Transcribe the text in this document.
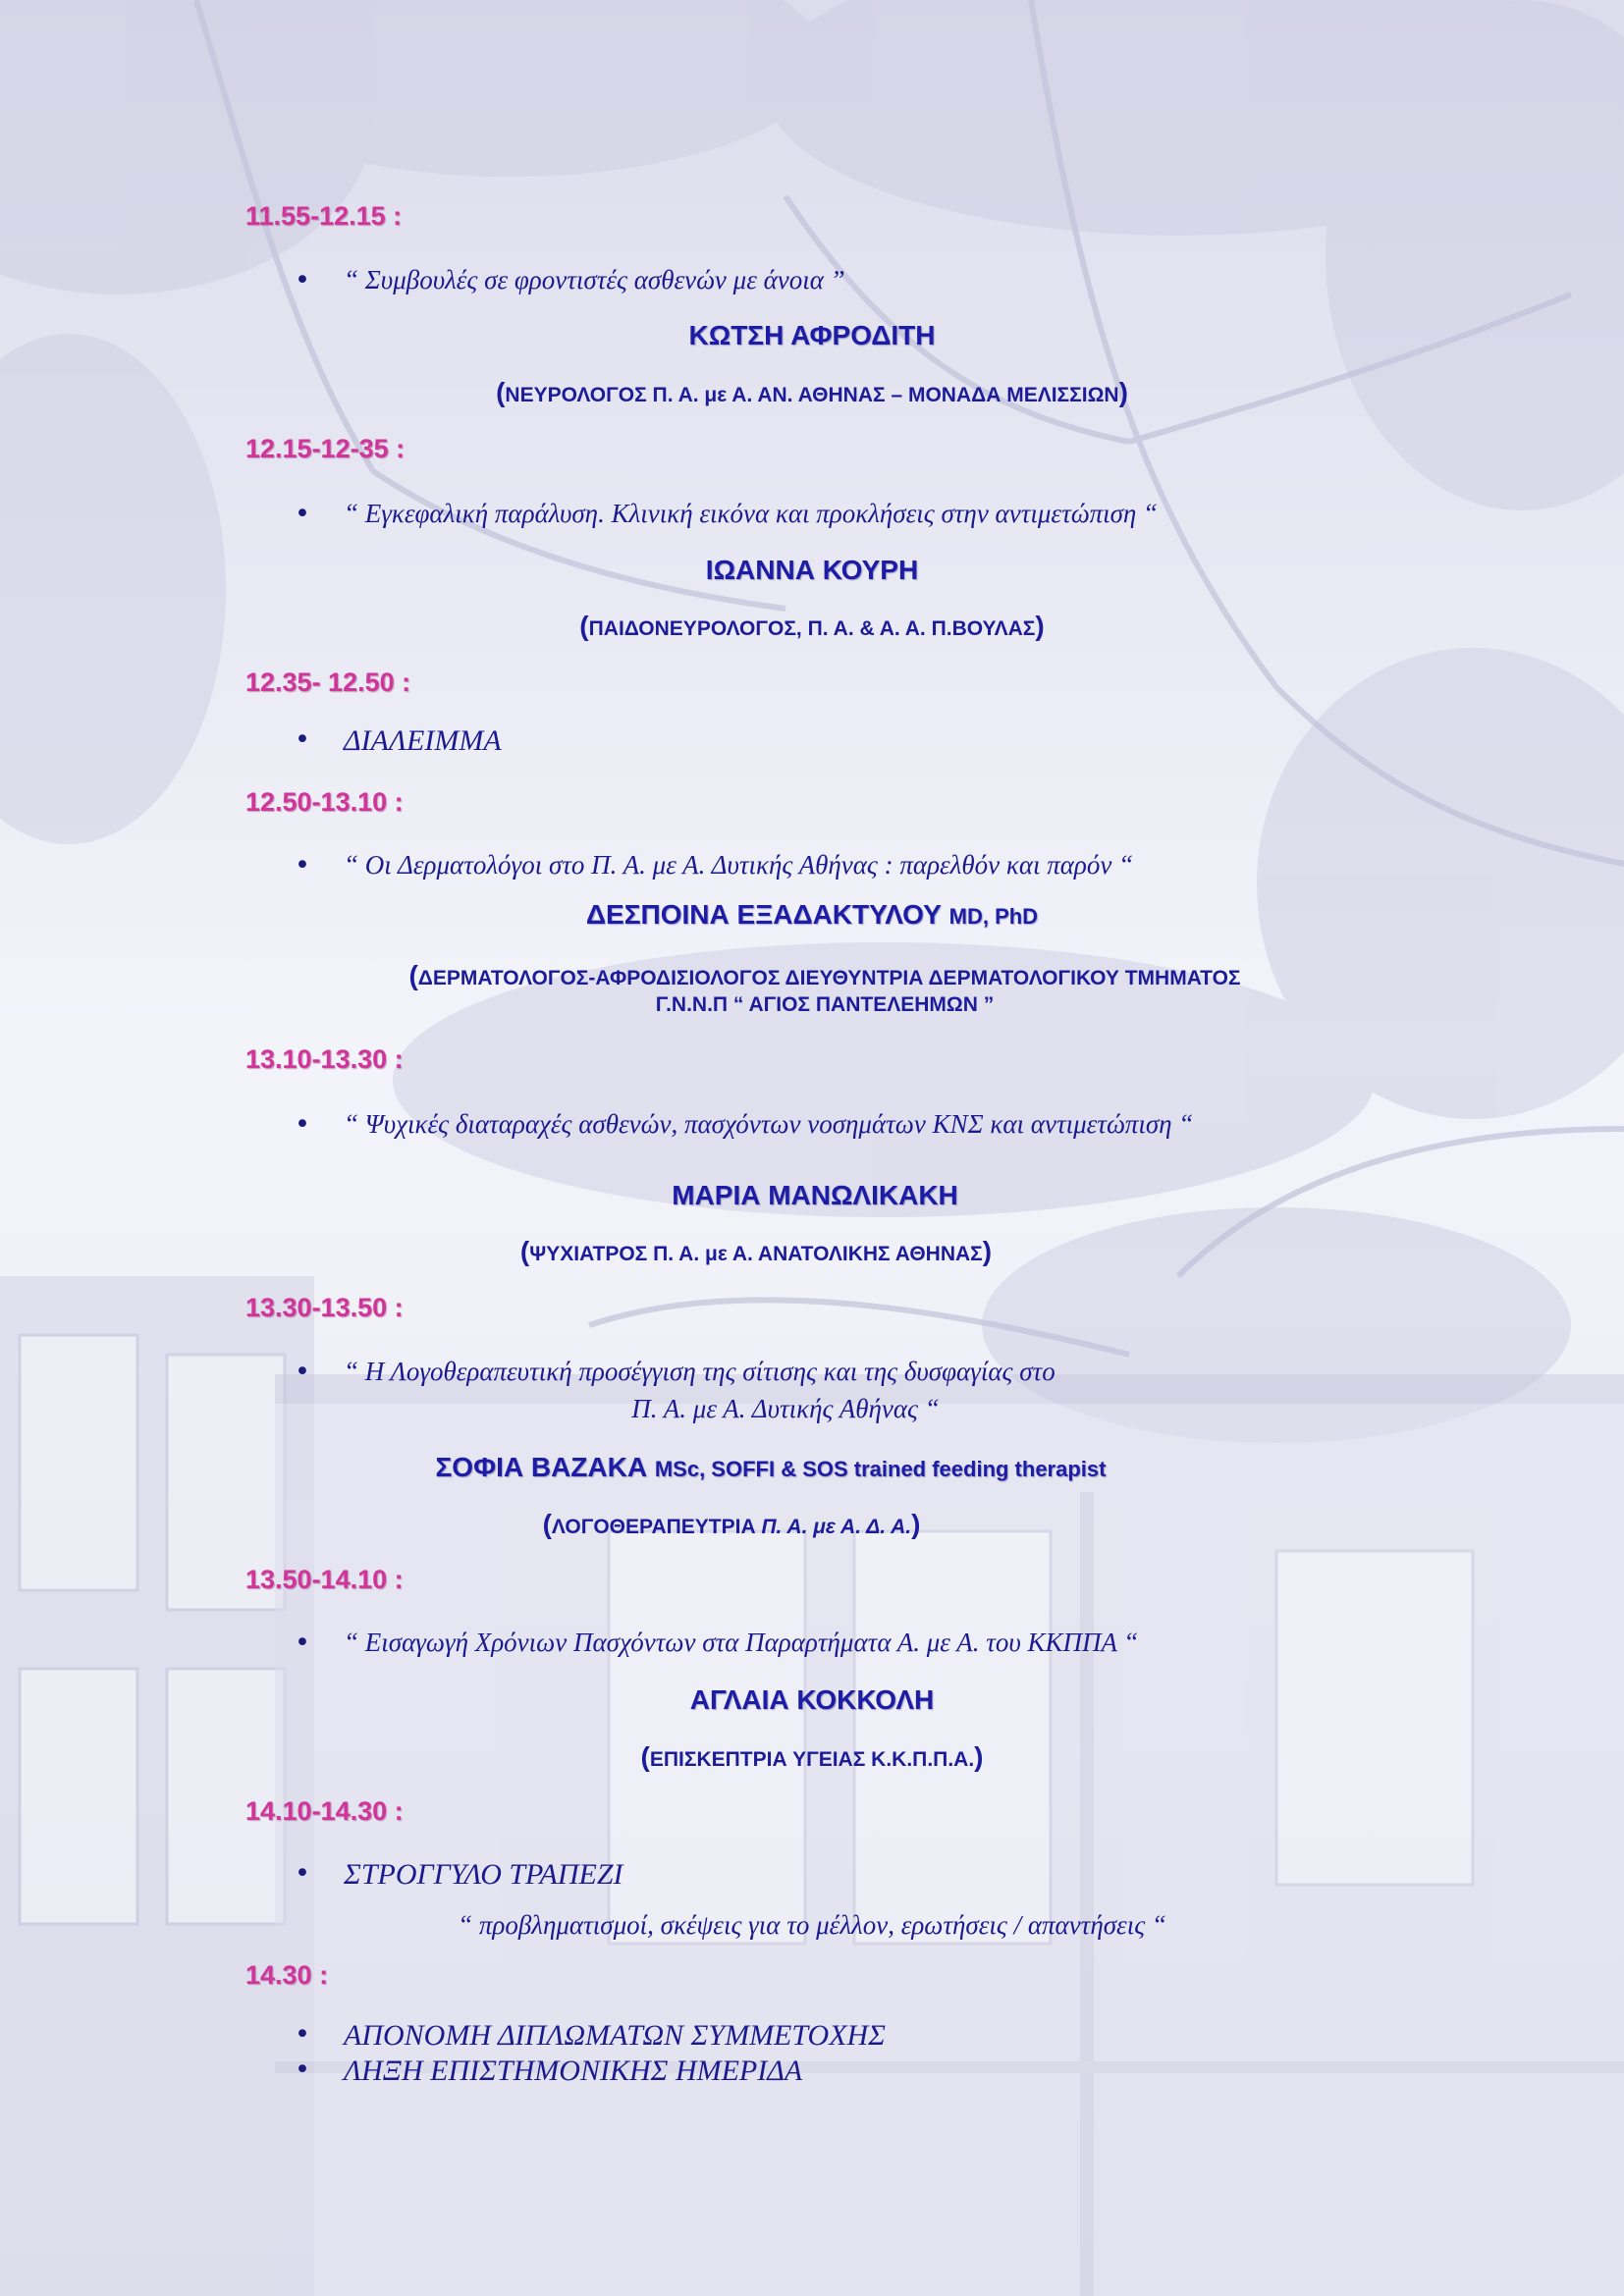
11.55-12.15 :
• “ Συμβουλές σε φροντιστές ασθενών με άνοια ”
ΚΩΤΣΗ ΑΦΡΟΔΙΤΗ
(ΝΕΥΡΟΛΟΓΟΣ Π. Α. με Α. ΑΝ. ΑΘΗΝΑΣ – ΜΟΝΑΔΑ ΜΕΛΙΣΣΙΩΝ)
12.15-12-35 :
• “ Εγκεφαλική παράλυση. Κλινική εικόνα και προκλήσεις στην αντιμετώπιση “
ΙΩΑΝΝΑ ΚΟΥΡΗ
(ΠΑΙΔΟΝΕΥΡΟΛΟΓΟΣ, Π. Α. & Α. Α. Π.ΒΟΥΛΑΣ)
12.35- 12.50 :
• ΔΙΑΛΕΙΜΜΑ
12.50-13.10 :
• “ Οι Δερματολόγοι στο Π. Α. με Α. Δυτικής Αθήνας : παρελθόν και παρόν “
ΔΕΣΠΟΙΝΑ ΕΞΑΔΑΚΤΥΛΟΥ MD, PhD
(ΔΕΡΜΑΤΟΛΟΓΟΣ-ΑΦΡΟΔΙΣΙΟΛΟΓΟΣ ΔΙΕΥΘΥΝΤΡΙΑ ΔΕΡΜΑΤΟΛΟΓΙΚΟΥ ΤΜΗΜΑΤΟΣ
Γ.Ν.Ν.Π “ ΑΓΙΟΣ ΠΑΝΤΕΛΕΗΜΩΝ ”
13.10-13.30 :
• “ Ψυχικές διαταραχές ασθενών, πασχόντων νοσημάτων ΚΝΣ και αντιμετώπιση “
ΜΑΡΙΑ ΜΑΝΩΛΙΚΑΚΗ
(ΨΥΧΙΑΤΡΟΣ Π. Α. με Α. ΑΝΑΤΟΛΙΚΗΣ ΑΘΗΝΑΣ)
13.30-13.50 :
• “ Η Λογοθεραπευτική προσέγγιση της σίτισης και της δυσφαγίας στο
Π. Α. με Α. Δυτικής Αθήνας “
ΣΟΦΙΑ ΒΑΖΑΚΑ MSc, SOFFI & SOS trained feeding therapist
(ΛΟΓΟΘΕΡΑΠΕΥΤΡΙΑ Π. Α. με Α. Δ. Α.)
13.50-14.10 :
• “ Εισαγωγή Χρόνιων Πασχόντων στα Παραρτήματα Α. με Α. του ΚΚΠΠΑ “
ΑΓΛΑΙΑ ΚΟΚΚΟΛΗ
(ΕΠΙΣΚΕΠΤΡΙΑ ΥΓΕΙΑΣ Κ.Κ.Π.Π.Α.)
14.10-14.30 :
• ΣΤΡΟΓΓΥΛΟ ΤΡΑΠΕΖΙ
“ προβληματισμοί, σκέψεις για το μέλλον, ερωτήσεις / απαντήσεις “
14.30 :
• ΑΠΟΝΟΜΗ ΔΙΠΛΩΜΑΤΩΝ ΣΥΜΜΕΤΟΧΗΣ
• ΛΗΞΗ ΕΠΙΣΤΗΜΟΝΙΚΗΣ ΗΜΕΡΙΔΑ
